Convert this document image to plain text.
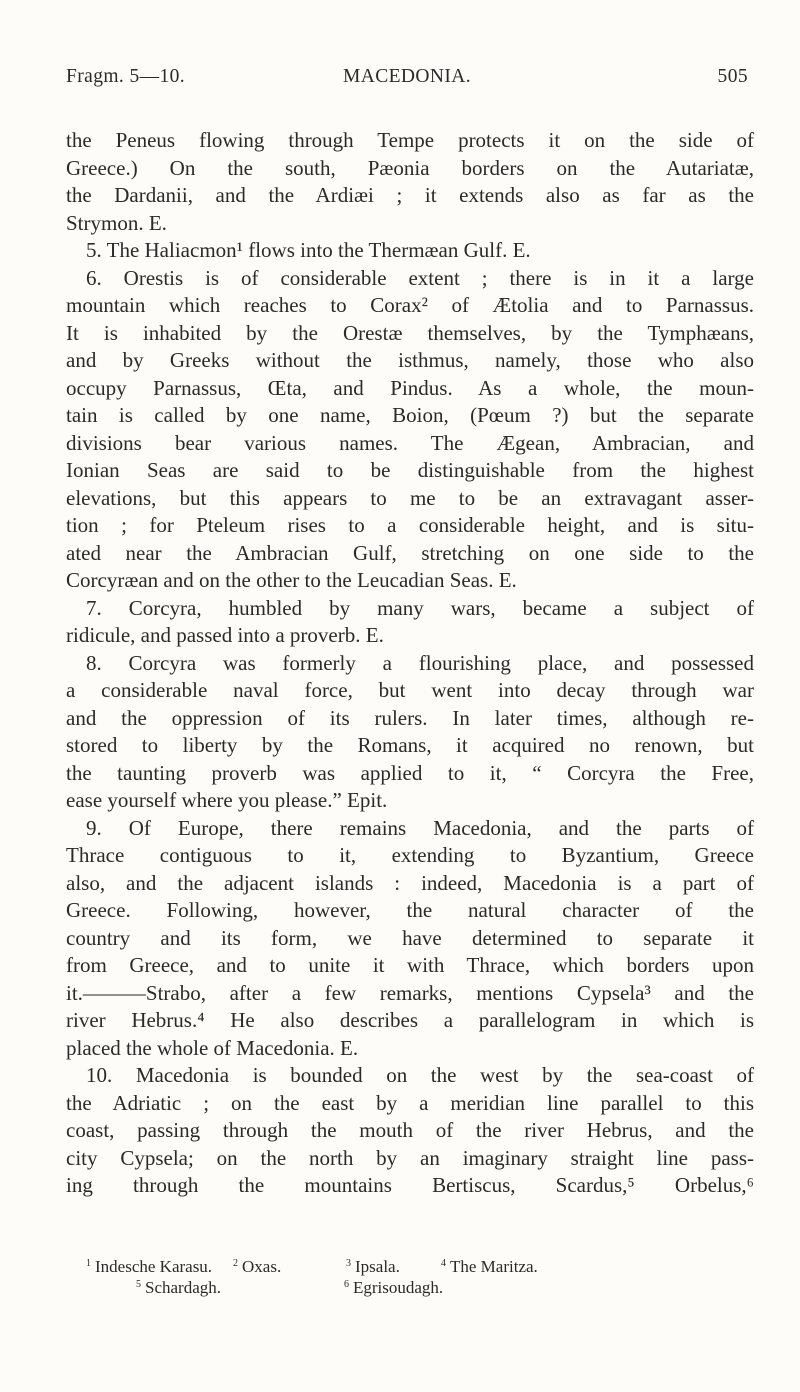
Fragm. 5—10.	MACEDONIA.	505
the Peneus flowing through Tempe protects it on the side of
Greece.) On the south, Pæonia borders on the Autariatæ,
the Dardanii, and the Ardiæi ; it extends also as far as the
Strymon. E.
5. The Haliacmon¹ flows into the Thermæan Gulf. E.
6. Orestis is of considerable extent ; there is in it a large
mountain which reaches to Corax² of Ætolia and to Parnassus.
It is inhabited by the Orestæ themselves, by the Tymphæans,
and by Greeks without the isthmus, namely, those who also
occupy Parnassus, Œta, and Pindus. As a whole, the moun-
tain is called by one name, Boion, (Pœum ?) but the separate
divisions bear various names. The Ægean, Ambracian, and
Ionian Seas are said to be distinguishable from the highest
elevations, but this appears to me to be an extravagant asser-
tion ; for Pteleum rises to a considerable height, and is situ-
ated near the Ambracian Gulf, stretching on one side to the
Corcyræan and on the other to the Leucadian Seas. E.
7. Corcyra, humbled by many wars, became a subject of
ridicule, and passed into a proverb. E.
8. Corcyra was formerly a flourishing place, and possessed
a considerable naval force, but went into decay through war
and the oppression of its rulers. In later times, although re-
stored to liberty by the Romans, it acquired no renown, but
the taunting proverb was applied to it, “ Corcyra the Free,
ease yourself where you please.” Epit.
9. Of Europe, there remains Macedonia, and the parts of
Thrace contiguous to it, extending to Byzantium, Greece
also, and the adjacent islands : indeed, Macedonia is a part of
Greece. Following, however, the natural character of the
country and its form, we have determined to separate it
from Greece, and to unite it with Thrace, which borders upon
it.———Strabo, after a few remarks, mentions Cypsela³ and the
river Hebrus.⁴ He also describes a parallelogram in which is
placed the whole of Macedonia. E.
10. Macedonia is bounded on the west by the sea-coast of
the Adriatic ; on the east by a meridian line parallel to this
coast, passing through the mouth of the river Hebrus, and the
city Cypsela; on the north by an imaginary straight line pass-
ing through the mountains Bertiscus, Scardus,⁵ Orbelus,⁶
$^1$ Indesche Karasu.	$^2$ Oxas.	$^3$ Ipsala.	$^4$ The Maritza.
$^5$ Schardagh.	$^6$ Egrisoudagh.
